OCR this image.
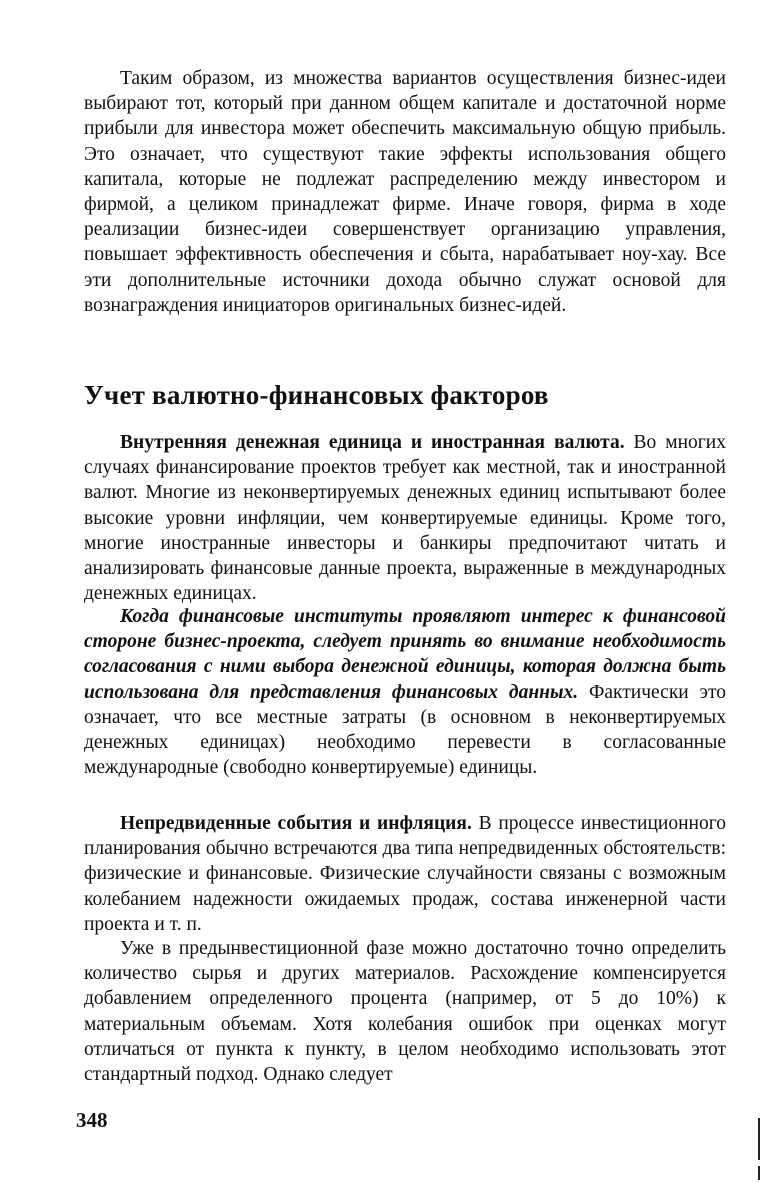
Таким образом, из множества вариантов осуществления бизнес-идеи выбирают тот, который при данном общем капитале и достаточной норме прибыли для инвестора может обеспечить максимальную общую прибыль. Это означает, что существуют такие эффекты использования общего капитала, которые не подлежат распределению между инвестором и фирмой, а целиком принадлежат фирме. Иначе говоря, фирма в ходе реализации бизнес-идеи совершенствует организацию управления, повышает эффективность обеспечения и сбыта, нарабатывает ноу-хау. Все эти дополнительные источники дохода обычно служат основой для вознаграждения инициаторов оригинальных бизнес-идей.

Учет валютно-финансовых факторов

Внутренняя денежная единица и иностранная валюта. Во многих случаях финансирование проектов требует как местной, так и иностранной валют. Многие из неконвертируемых денежных единиц испытывают более высокие уровни инфляции, чем конвертируемые единицы. Кроме того, многие иностранные инвесторы и банкиры предпочитают читать и анализировать финансовые данные проекта, выраженные в международных денежных единицах.

Когда финансовые институты проявляют интерес к финансовой стороне бизнес-проекта, следует принять во внимание необходимость согласования с ними выбора денежной единицы, которая должна быть использована для представления финансовых данных. Фактически это означает, что все местные затраты (в основном в неконвертируемых денежных единицах) необходимо перевести в согласованные международные (свободно конвертируемые) единицы.

Непредвиденные события и инфляция. В процессе инвестиционного планирования обычно встречаются два типа непредвиденных обстоятельств: физические и финансовые. Физические случайности связаны с возможным колебанием надежности ожидаемых продаж, состава инженерной части проекта и т. п.

Уже в предынвестиционной фазе можно достаточно точно определить количество сырья и других материалов. Расхождение компенсируется добавлением определенного процента (например, от 5 до 10%) к материальным объемам. Хотя колебания ошибок при оценках могут отличаться от пункта к пункту, в целом необходимо использовать этот стандартный подход. Однако следует

348
